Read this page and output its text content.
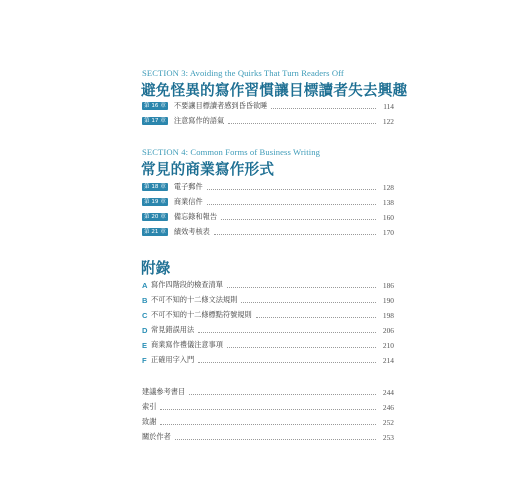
SECTION 3: Avoiding the Quirks That Turn Readers Off
避免怪異的寫作習慣讓目標讀者失去興趣
第 16 章 不要讓目標讀者感到昏昏欲睡	114
第 17 章 注意寫作的語氣	122
SECTION 4: Common Forms of Business Writing
常見的商業寫作形式
第 18 章 電子郵件	128
第 19 章 商業信件	138
第 20 章 備忘錄和報告	160
第 21 章 績效考核表	170
附錄
A 寫作四階段的檢查清單	186
B 不可不知的十二條文法規則	190
C 不可不知的十二條標點符號規則	198
D 常見錯誤用法	206
E 商業寫作禮儀注意事項	210
F 正確用字入門	214
建議參考書目	244
索引	246
致謝	252
關於作者	253
